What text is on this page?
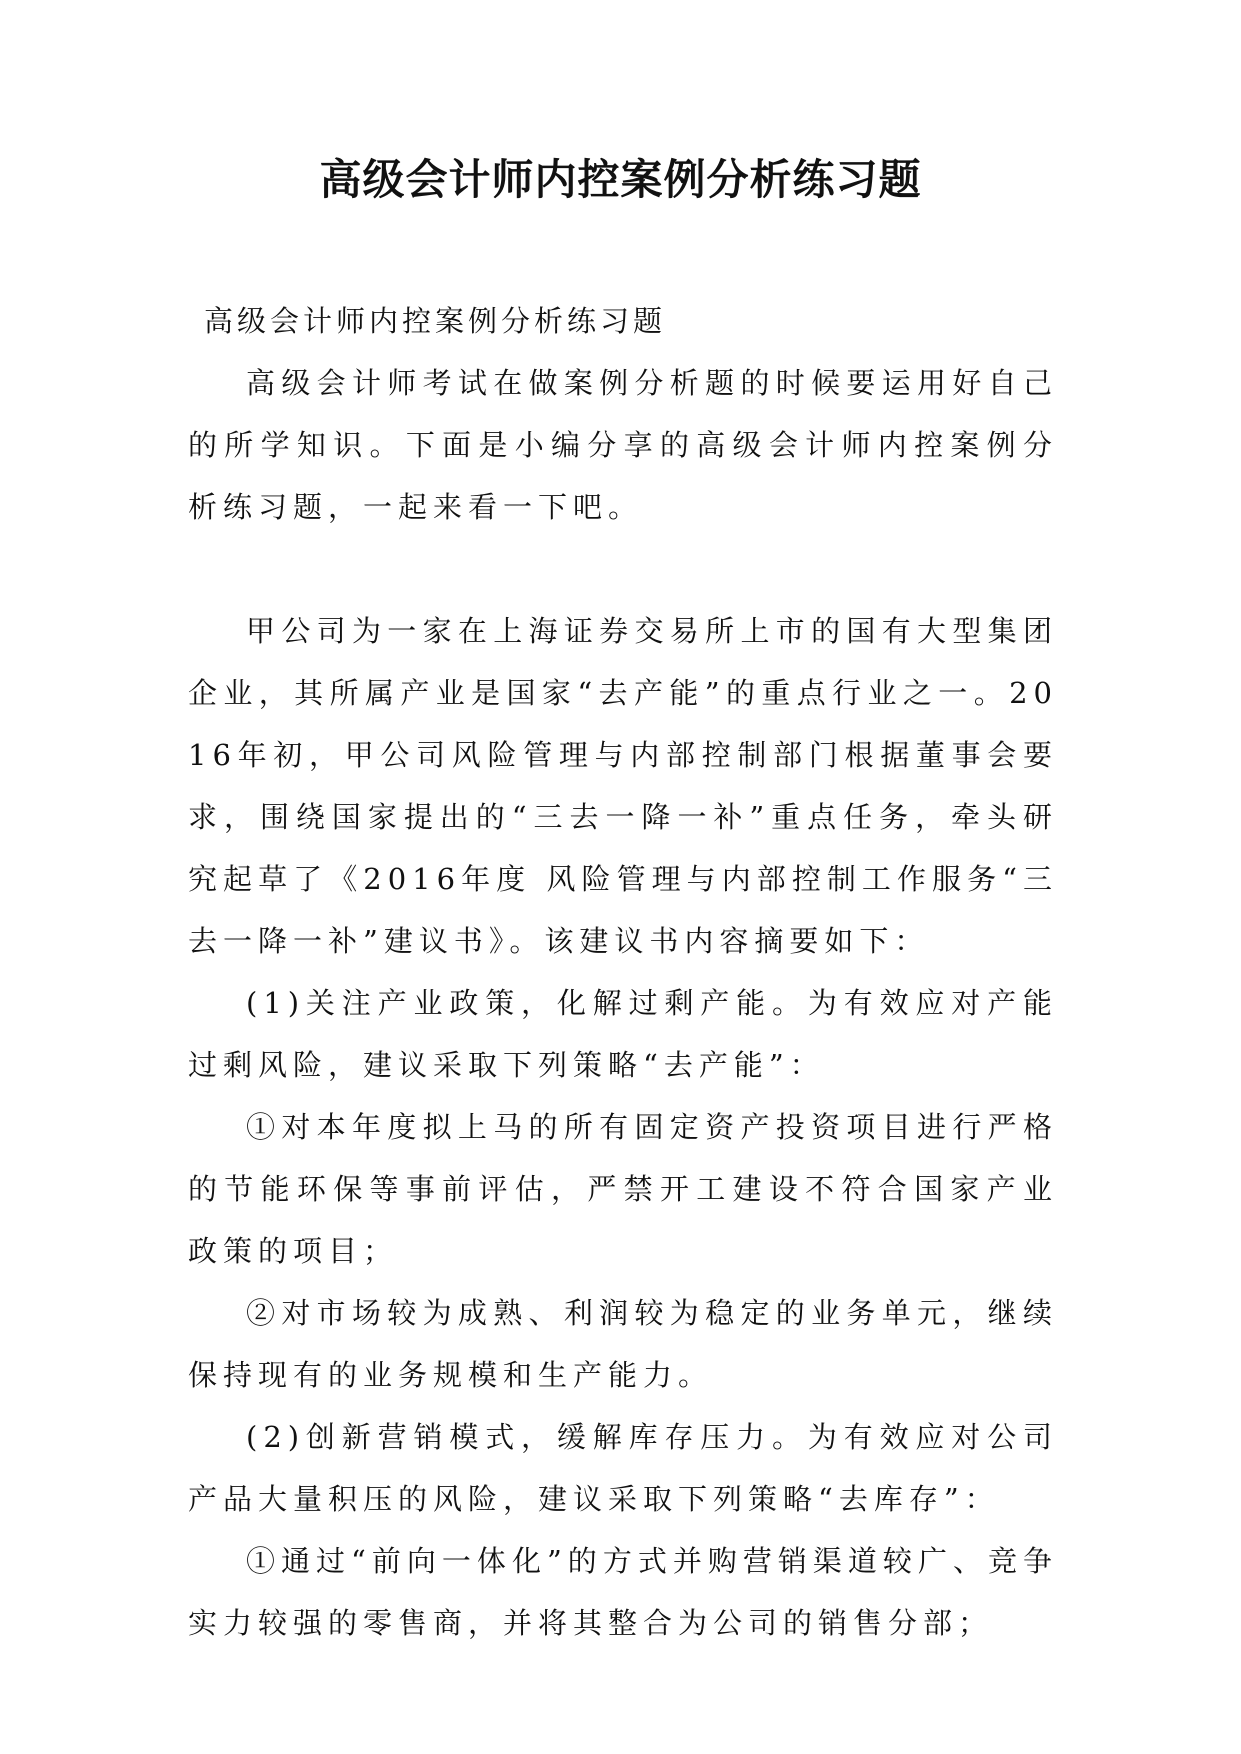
高级会计师内控案例分析练习题

高级会计师内控案例分析练习题

高级会计师考试在做案例分析题的时候要运用好自己的所学知识。下面是小编分享的高级会计师内控案例分析练习题，一起来看一下吧。

甲公司为一家在上海证券交易所上市的国有大型集团企业，其所属产业是国家“去产能”的重点行业之一。2016年初，甲公司风险管理与内部控制部门根据董事会要求，围绕国家提出的“三去一降一补”重点任务，牵头研究起草了《2016年度 风险管理与内部控制工作服务“三去一降一补”建议书》。该建议书内容摘要如下：

(1)关注产业政策，化解过剩产能。为有效应对产能过剩风险，建议采取下列策略“去产能”：

①对本年度拟上马的所有固定资产投资项目进行严格的节能环保等事前评估，严禁开工建设不符合国家产业政策的项目；

②对市场较为成熟、利润较为稳定的业务单元，继续保持现有的业务规模和生产能力。

(2)创新营销模式，缓解库存压力。为有效应对公司产品大量积压的风险，建议采取下列策略“去库存”：

①通过“前向一体化”的方式并购营销渠道较广、竞争实力较强的零售商，并将其整合为公司的销售分部；
